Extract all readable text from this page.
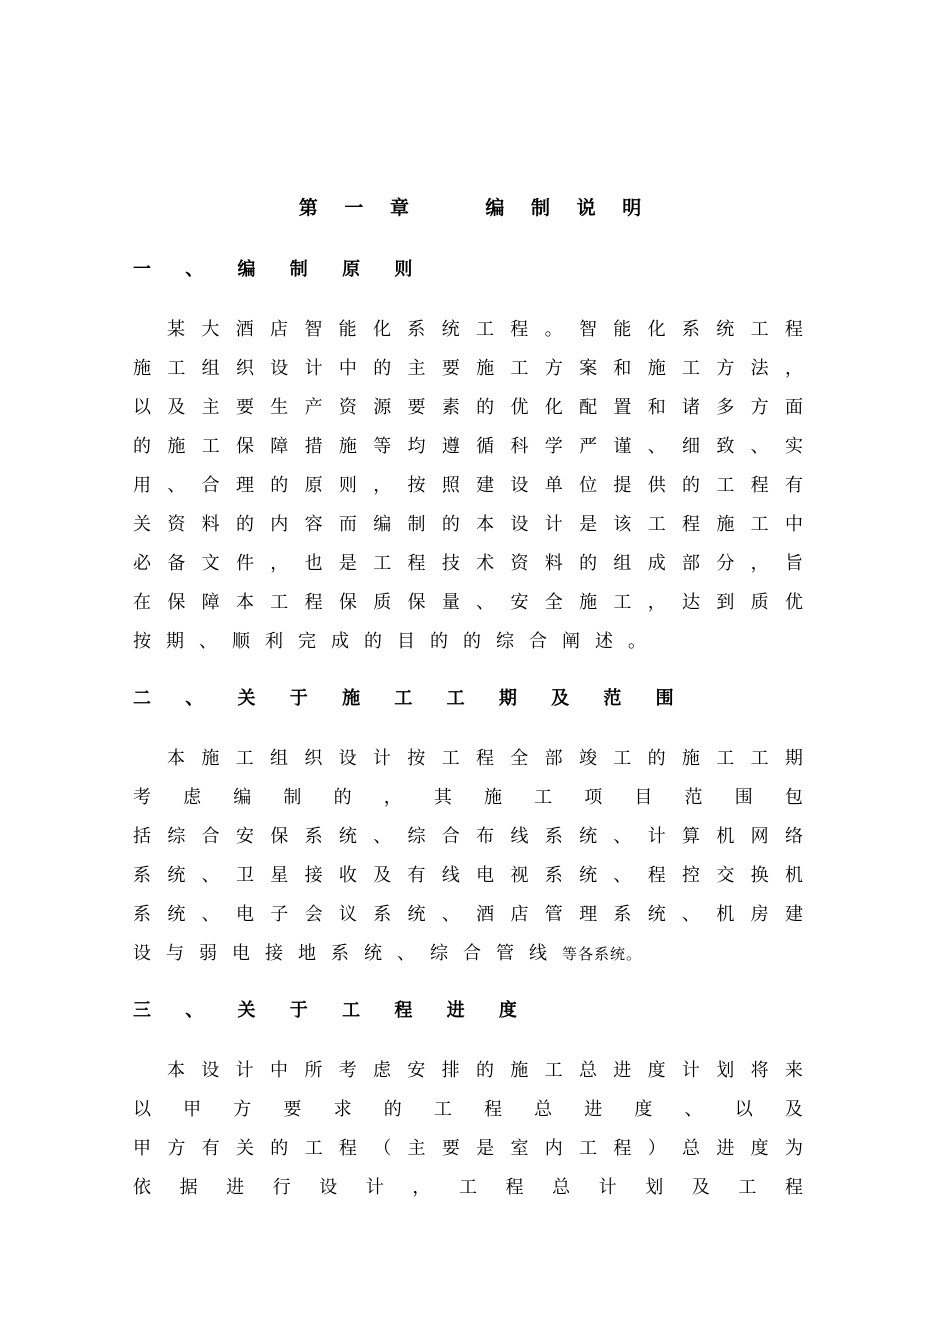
第 一 章    编 制 说 明
一 、 编 制 原 则
二 、 关 于 施 工 工 期 及 范 围
三 、 关 于 工 程 进 度
某 大 酒 店 智 能 化 系 统 工 程 。 智 能 化 系 统 工 程
施 工 组 织 设 计 中 的 主 要 施 工 方 案 和 施 工 方 法 ，
以 及 主 要 生 产 资 源 要 素 的 优 化 配 置 和 诸 多 方 面
的 施 工 保 障 措 施 等 均 遵 循 科 学 严 谨 、 细 致 、 实
用 、 合 理 的 原 则 ， 按 照 建 设 单 位 提 供 的 工 程 有
关 资 料 的 内 容 而 编 制 的 本 设 计 是 该 工 程 施 工 中
必 备 文 件 ， 也 是 工 程 技 术 资 料 的 组 成 部 分 ， 旨
在 保 障 本 工 程 保 质 保 量 、 安 全 施 工 ， 达 到 质 优
按 期 、 顺 利 完 成 的 目 的 的 综 合 阐 述 。
本 施 工 组 织 设 计 按 工 程 全 部 竣 工 的 施 工 工 期
考 虑 编 制 的 ， 其 施 工 项 目 范 围 包
括 综 合 安 保 系 统 、 综 合 布 线 系 统 、 计 算 机 网 络
系 统 、 卫 星 接 收 及 有 线 电 视 系 统 、 程 控 交 换 机
系 统 、 电 子 会 议 系 统 、 酒 店 管 理 系 统 、 机 房 建
设 与 弱 电 接 地 系 统 、 综 合 管 线 等各系统。
本 设 计 中 所 考 虑 安 排 的 施 工 总 进 度 计 划 将 来
以 甲 方 要 求 的 工 程 总 进 度 、 以 及
甲 方 有 关 的 工 程 （ 主 要 是 室 内 工 程 ） 总 进 度 为
依 据 进 行 设 计 ， 工 程 总 计 划 及 工 程
